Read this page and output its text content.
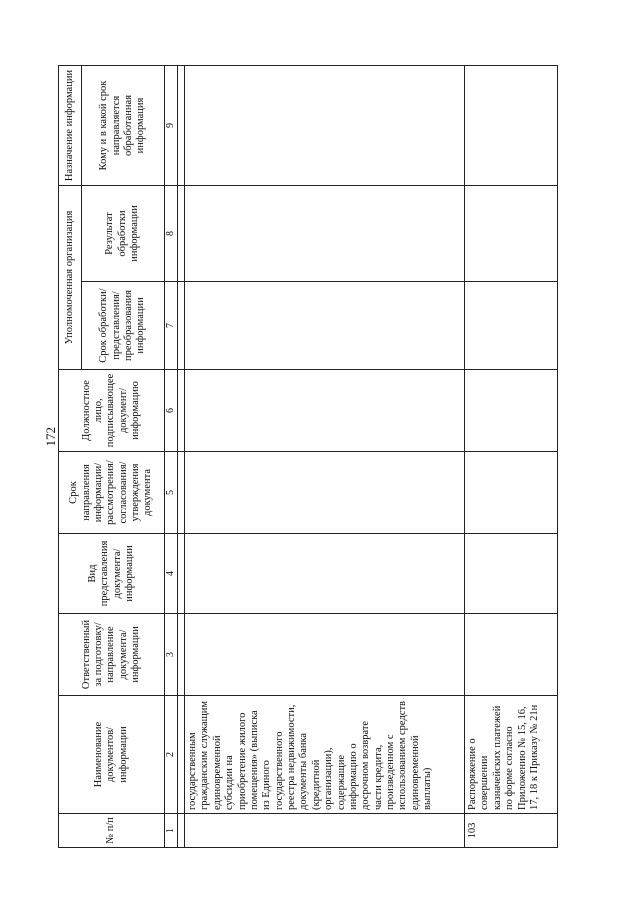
172
№ п/п	Наименование документов/ информации	Ответственный за подготовку/ направление документа/ информации	Вид представления документа/ информации	Срок направления информации/ рассмотрения/ согласования/ утверждения документа	Должностное лицо, подписывающее документ/ информацию	Уполномоченная организация		Назначение информации
						Срок обработки/ представления/ преобразования информации	Результат обработки информации	Кому и в какой срок направляется обработанная информация
1	2	3	4	5	6	7	8	9

	государственным гражданским служащим единовременной субсидии на приобретение жилого помещения» (выписка из Единого государственного реестра недвижимости, документы банка (кредитной организации), содержащие информацию о досрочном возврате части кредита, произведенном с использованием средств единовременной выплаты)							
103	Распоряжение о совершении казначейских платежей по форме согласно Приложению № 15, 16, 17, 18 к Приказу № 21н							
